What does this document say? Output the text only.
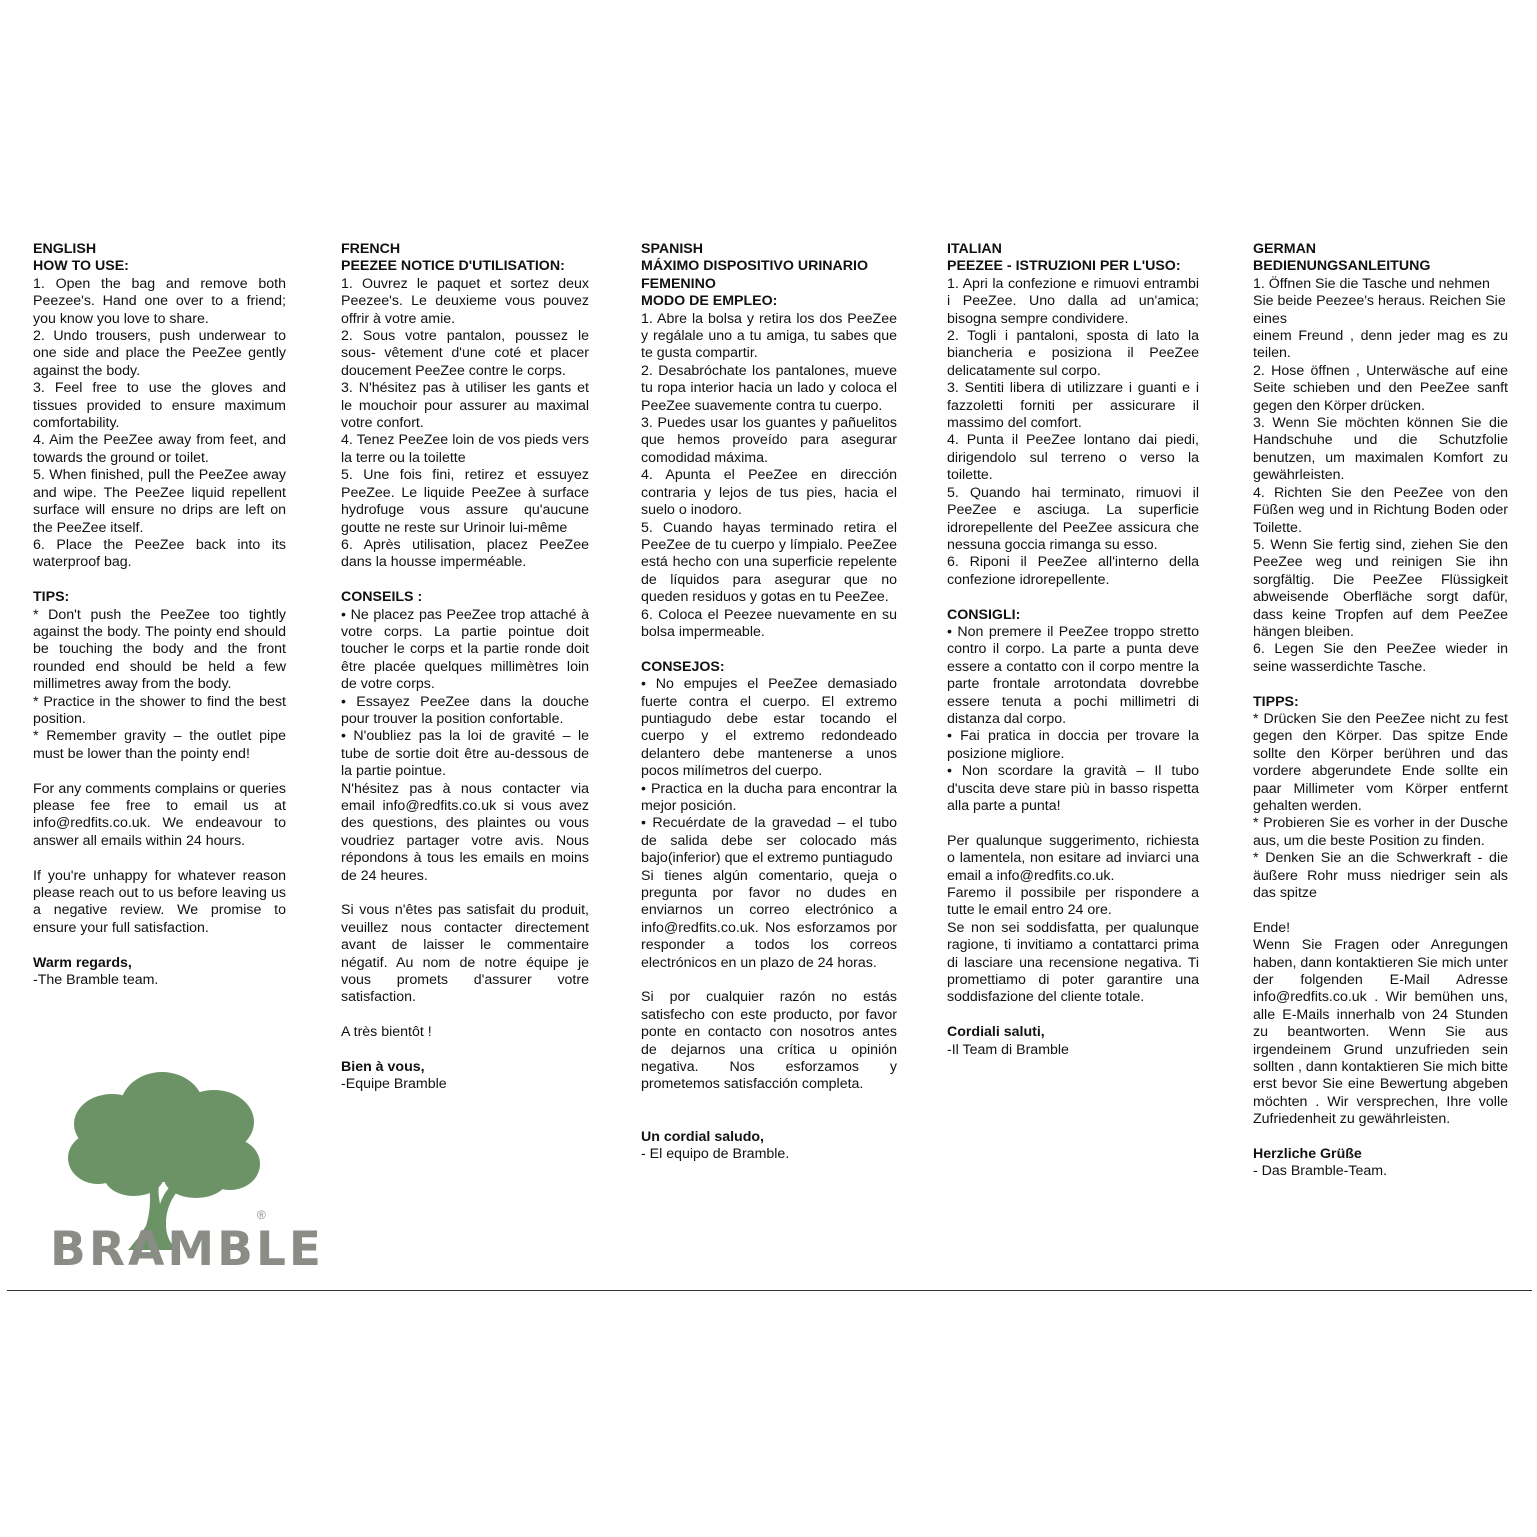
ENGLISH

HOW TO USE:

1. Open the bag and remove both Peezee's. Hand one over to a friend; you know you love to share.

2. Undo trousers, push underwear to one side and place the PeeZee gently against the body.

3. Feel free to use the gloves and tissues provided to ensure maximum comfortability.

4. Aim the PeeZee away from feet, and towards the ground or toilet.

5. When finished, pull the PeeZee away and wipe. The PeeZee liquid repellent surface will ensure no drips are left on the PeeZee itself.

6. Place the PeeZee back into its waterproof bag.

TIPS:

* Don't push the PeeZee too tightly against the body. The pointy end should be touching the body and the front rounded end should be held a few millimetres away from the body.

* Practice in the shower to find the best position.

* Remember gravity – the outlet pipe must be lower than the pointy end!

For any comments complains or queries please fee free to email us at info@redfits.co.uk. We endeavour to answer all emails within 24 hours.

If you're unhappy for whatever reason please reach out to us before leaving us a negative review. We promise to ensure your full satisfaction.

Warm regards,

-The Bramble team.

FRENCH

PEEZEE NOTICE D'UTILISATION:

1. Ouvrez le paquet et sortez deux Peezee's. Le deuxieme vous pouvez offrir à votre amie.

2. Sous votre pantalon, poussez le sous- vêtement d'une coté et placer doucement PeeZee contre le corps.

3. N'hésitez pas à utiliser les gants et le mouchoir pour assurer au maximal votre confort.

4. Tenez PeeZee loin de vos pieds vers la terre ou la toilette

5. Une fois fini, retirez et essuyez PeeZee. Le liquide PeeZee à surface hydrofuge vous assure qu'aucune goutte ne reste sur Urinoir lui-même

6. Après utilisation, placez PeeZee dans la housse imperméable.

CONSEILS :

• Ne placez pas PeeZee trop attaché à votre corps. La partie pointue doit toucher le corps et la partie ronde doit être placée quelques millimètres loin de votre corps.

• Essayez PeeZee dans la douche pour trouver la position confortable.

• N'oubliez pas la loi de gravité – le tube de sortie doit être au-dessous de la partie pointue.

N'hésitez pas à nous contacter via email info@redfits.co.uk si vous avez des questions, des plaintes ou vous voudriez partager votre avis. Nous répondons à tous les emails en moins de 24 heures.

Si vous n'êtes pas satisfait du produit, veuillez nous contacter directement avant de laisser le commentaire négatif. Au nom de notre équipe je vous promets d'assurer votre satisfaction.

A très bientôt !

Bien à vous,

-Equipe Bramble

SPANISH

MÁXIMO DISPOSITIVO URINARIO FEMENINO

MODO DE EMPLEO:

1. Abre la bolsa y retira los dos PeeZee y regálale uno a tu amiga, tu sabes que te gusta compartir.

2. Desabróchate los pantalones, mueve tu ropa interior hacia un lado y coloca el PeeZee suavemente contra tu cuerpo.

3. Puedes usar los guantes y pañuelitos que hemos proveído para asegurar comodidad máxima.

4. Apunta el PeeZee en dirección contraria y lejos de tus pies, hacia el suelo o inodoro.

5. Cuando hayas terminado retira el PeeZee de tu cuerpo y límpialo. PeeZee está hecho con una superficie repelente de líquidos para asegurar que no queden residuos y gotas en tu PeeZee.

6. Coloca el Peezee nuevamente en su bolsa impermeable.

CONSEJOS:

• No empujes el PeeZee demasiado fuerte contra el cuerpo. El extremo puntiagudo debe estar tocando el cuerpo y el extremo redondeado delantero debe mantenerse a unos pocos milímetros del cuerpo.

• Practica en la ducha para encontrar la mejor posición.

• Recuérdate de la gravedad – el tubo de salida debe ser colocado más bajo(inferior) que el extremo puntiagudo

Si tienes algún comentario, queja o pregunta por favor no dudes en enviarnos un correo electrónico a info@redfits.co.uk. Nos esforzamos por responder a todos los correos electrónicos en un plazo de 24 horas.

Si por cualquier razón no estás satisfecho con este producto, por favor ponte en contacto con nosotros antes de dejarnos una crítica u opinión negativa. Nos esforzamos y prometemos satisfacción completa.

Un cordial saludo,

- El equipo de Bramble.

ITALIAN

PEEZEE - ISTRUZIONI PER L'USO:

1. Apri la confezione e rimuovi entrambi i PeeZee. Uno dalla ad un'amica; bisogna sempre condividere.

2. Togli i pantaloni, sposta di lato la biancheria e posiziona il PeeZee delicatamente sul corpo.

3. Sentiti libera di utilizzare i guanti e i fazzoletti forniti per assicurare il massimo del comfort.

4. Punta il PeeZee lontano dai piedi, dirigendolo sul terreno o verso la toilette.

5. Quando hai terminato, rimuovi il PeeZee e asciuga. La superficie idrorepellente del PeeZee assicura che nessuna goccia rimanga su esso.

6. Riponi il PeeZee all'interno della confezione idrorepellente.

CONSIGLI:

• Non premere il PeeZee troppo stretto contro il corpo. La parte a punta deve essere a contatto con il corpo mentre la parte frontale arrotondata dovrebbe essere tenuta a pochi millimetri di distanza dal corpo.

• Fai pratica in doccia per trovare la posizione migliore.

• Non scordare la gravità – Il tubo d'uscita deve stare più in basso rispetta alla parte a punta!

Per qualunque suggerimento, richiesta o lamentela, non esitare ad inviarci una email a info@redfits.co.uk.

Faremo il possibile per rispondere a tutte le email entro 24 ore.

Se non sei soddisfatta, per qualunque ragione, ti invitiamo a contattarci prima di lasciare una recensione negativa. Ti promettiamo di poter garantire una soddisfazione del cliente totale.

Cordiali saluti,

-Il Team di Bramble

GERMAN

BEDIENUNGSANLEITUNG

1. Öffnen Sie die Tasche und nehmen Sie beide Peezee's heraus. Reichen Sie eines

einem Freund , denn jeder mag es zu teilen.

2. Hose öffnen , Unterwäsche auf eine Seite schieben und den PeeZee sanft gegen den Körper drücken.

3. Wenn Sie möchten können Sie die Handschuhe und die Schutzfolie benutzen, um maximalen Komfort zu gewährleisten.

4. Richten Sie den PeeZee von den Füßen weg und in Richtung Boden oder Toilette.

5. Wenn Sie fertig sind, ziehen Sie den PeeZee weg und reinigen Sie ihn sorgfältig. Die PeeZee Flüssigkeit abweisende Oberfläche sorgt dafür, dass keine Tropfen auf dem PeeZee hängen bleiben.

6. Legen Sie den PeeZee wieder in seine wasserdichte Tasche.

TIPPS:

* Drücken Sie den PeeZee nicht zu fest gegen den Körper. Das spitze Ende sollte den Körper berühren und das vordere abgerundete Ende sollte ein paar Millimeter vom Körper entfernt gehalten werden.

* Probieren Sie es vorher in der Dusche aus, um die beste Position zu finden.

* Denken Sie an die Schwerkraft - die äußere Rohr muss niedriger sein als das spitze

Ende!

Wenn Sie Fragen oder Anregungen haben, dann kontaktieren Sie mich unter der folgenden E-Mail Adresse info@redfits.co.uk . Wir bemühen uns, alle E-Mails innerhalb von 24 Stunden zu beantworten. Wenn Sie aus irgendeinem Grund unzufrieden sein sollten , dann kontaktieren Sie mich bitte erst bevor Sie eine Bewertung abgeben möchten . Wir versprechen, Ihre volle Zufriedenheit zu gewährleisten.

Herzliche Grüße

- Das Bramble-Team.

BRAMBLE
®
